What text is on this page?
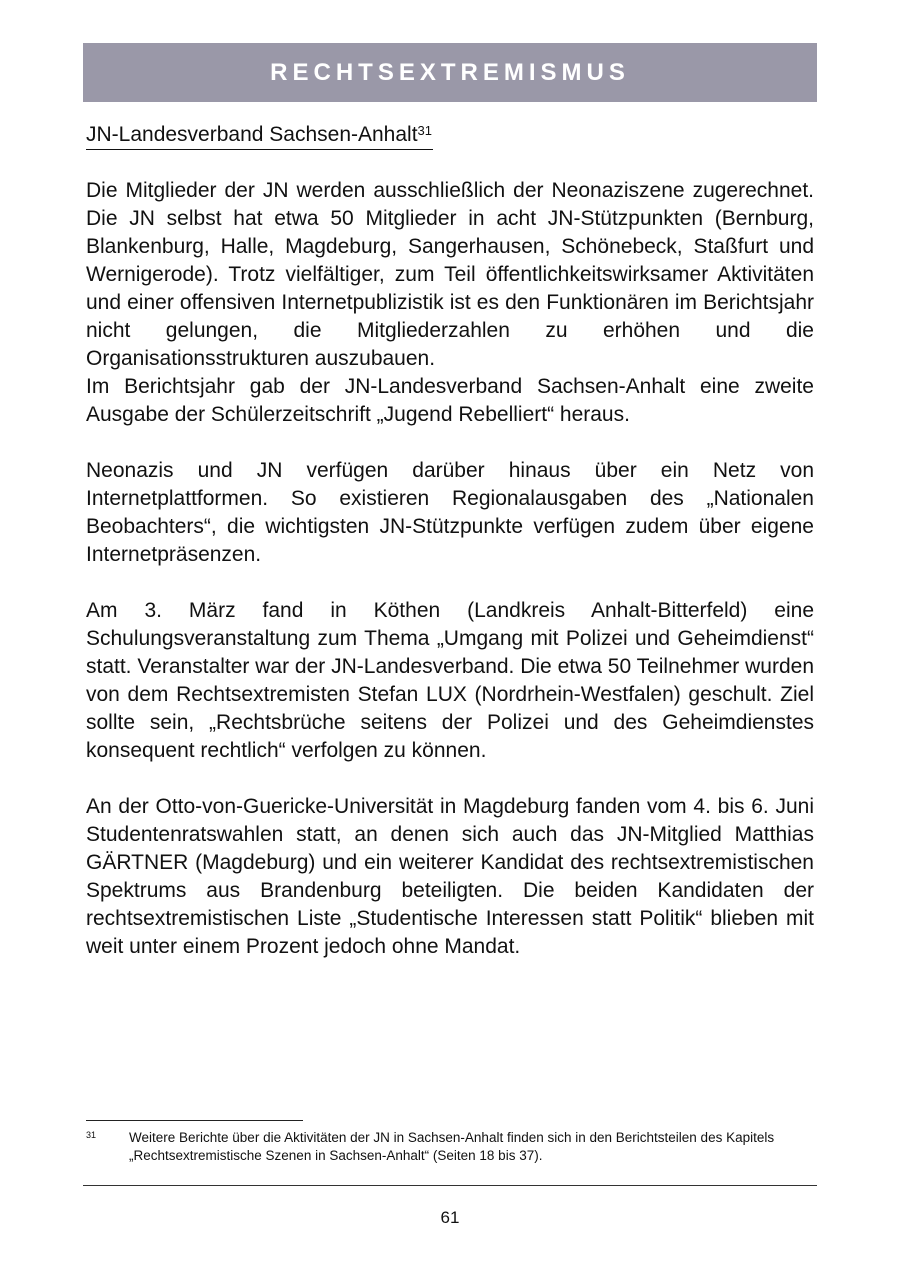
RECHTSEXTREMISMUS
JN-Landesverband Sachsen-Anhalt$^{31}$

Die Mitglieder der JN werden ausschließlich der Neonaziszene zugerechnet. Die JN selbst hat etwa 50 Mitglieder in acht JN-Stützpunkten (Bernburg, Blankenburg, Halle, Magdeburg, Sangerhausen, Schönebeck, Staßfurt und Wernigerode). Trotz vielfältiger, zum Teil öffentlichkeitswirksamer Aktivitäten und einer offensiven Internetpublizistik ist es den Funktionären im Berichtsjahr nicht gelungen, die Mitgliederzahlen zu erhöhen und die Organisationsstrukturen auszubauen.

Im Berichtsjahr gab der JN-Landesverband Sachsen-Anhalt eine zweite Ausgabe der Schülerzeitschrift „Jugend Rebelliert“ heraus.

Neonazis und JN verfügen darüber hinaus über ein Netz von Internetplattformen. So existieren Regionalausgaben des „Nationalen Beobachters“, die wichtigsten JN-Stützpunkte verfügen zudem über eigene Internetpräsenzen.

Am 3. März fand in Köthen (Landkreis Anhalt-Bitterfeld) eine Schulungsveranstaltung zum Thema „Umgang mit Polizei und Geheimdienst“ statt. Veranstalter war der JN-Landesverband. Die etwa 50 Teilnehmer wurden von dem Rechtsextremisten Stefan LUX (Nordrhein-Westfalen) geschult. Ziel sollte sein, „Rechtsbrüche seitens der Polizei und des Geheimdienstes konsequent rechtlich“ verfolgen zu können.

An der Otto-von-Guericke-Universität in Magdeburg fanden vom 4. bis 6. Juni Studentenratswahlen statt, an denen sich auch das JN-Mitglied Matthias GÄRTNER (Magdeburg) und ein weiterer Kandidat des rechtsextremistischen Spektrums aus Brandenburg beteiligten. Die beiden Kandidaten der rechtsextremistischen Liste „Studentische Interessen statt Politik“ blieben mit weit unter einem Prozent jedoch ohne Mandat.

31 Weitere Berichte über die Aktivitäten der JN in Sachsen-Anhalt finden sich in den Berichtsteilen des Kapitels „Rechtsextremistische Szenen in Sachsen-Anhalt“ (Seiten 18 bis 37).
61
